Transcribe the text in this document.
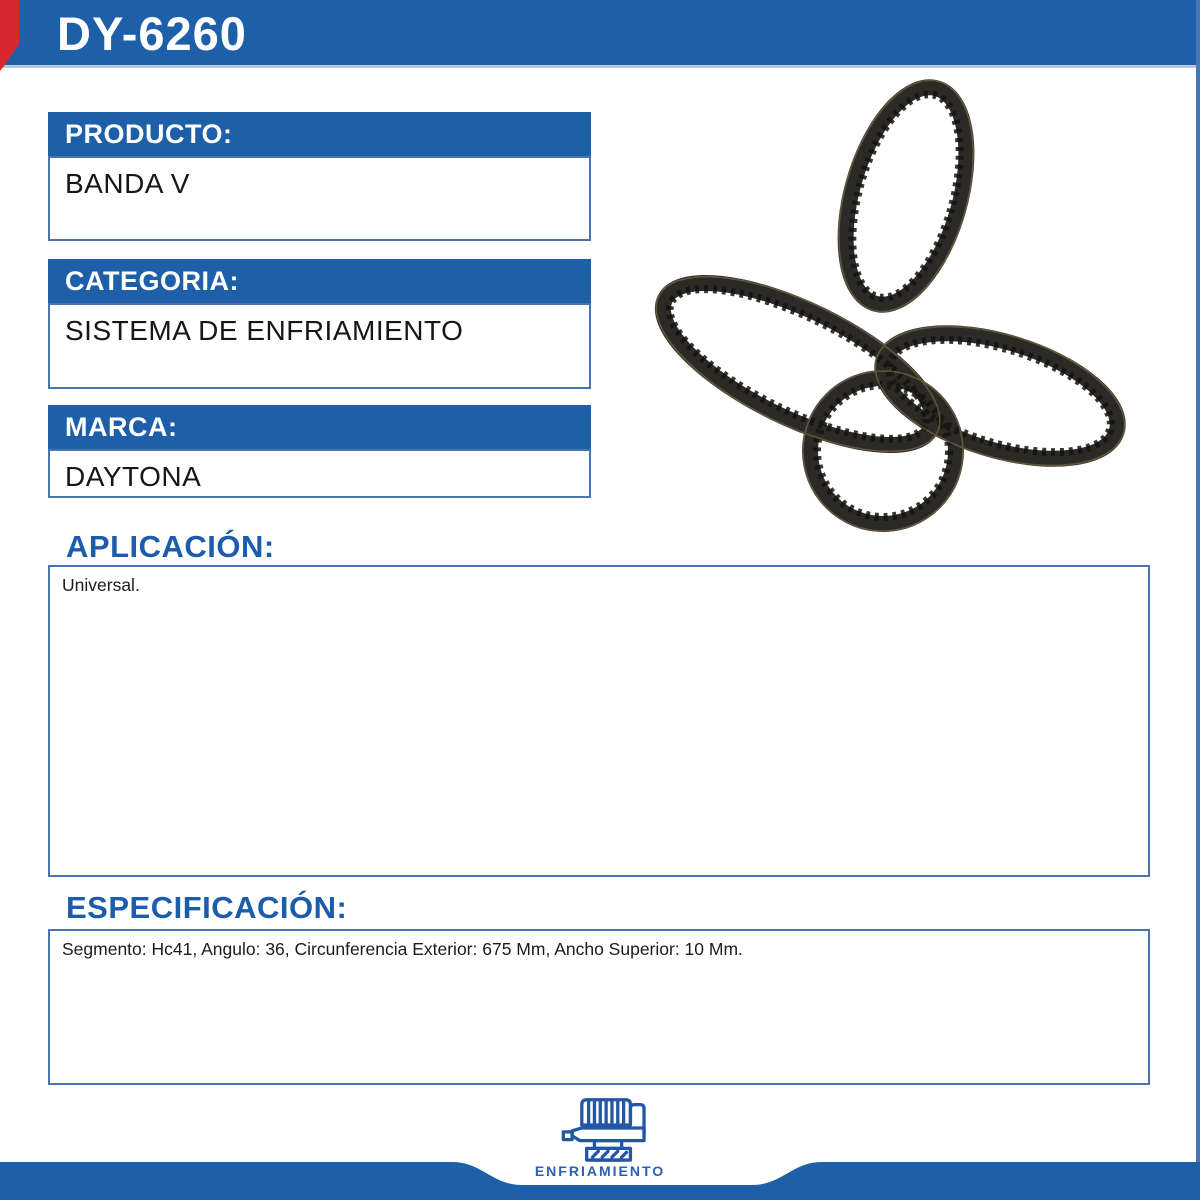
DY-6260
PRODUCTO:
BANDA V
CATEGORIA:
SISTEMA DE ENFRIAMIENTO
MARCA:
DAYTONA
APLICACIÓN:

Universal.

ESPECIFICACIÓN:

Segmento: Hc41, Angulo: 36, Circunferencia Exterior: 675 Mm, Ancho Superior: 10 Mm.

ENFRIAMIENTO
